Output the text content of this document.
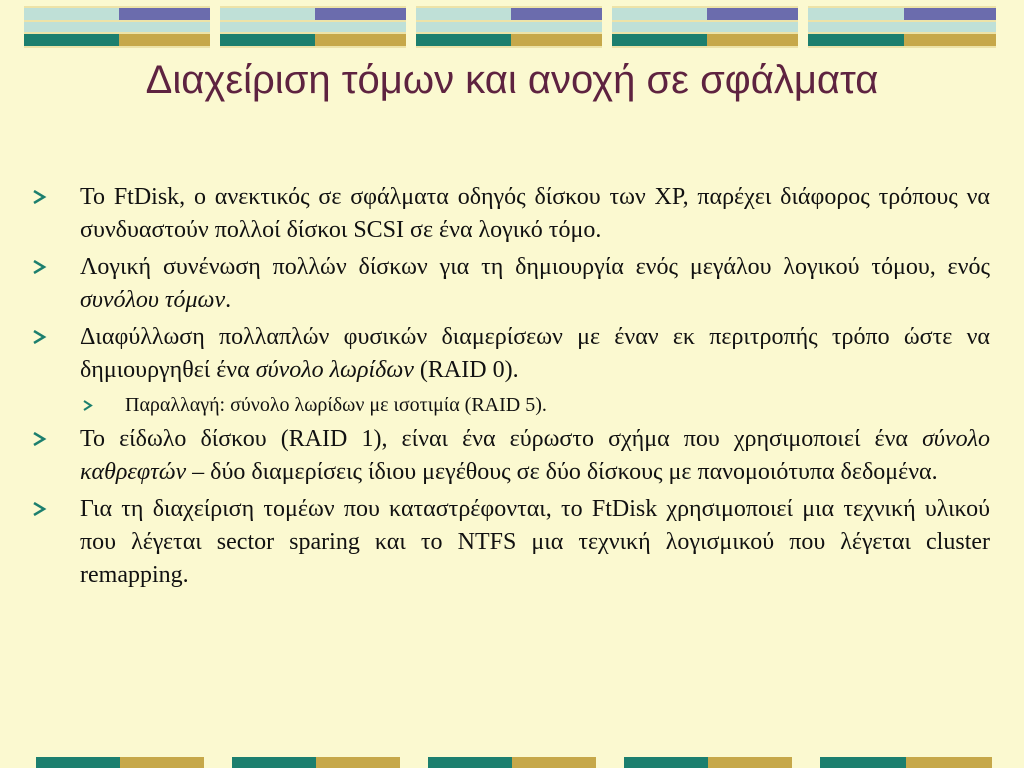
Διαχείριση τόμων και ανοχή σε σφάλματα
Το FtDisk, ο ανεκτικός σε σφάλματα οδηγός δίσκου των XP, παρέχει διάφορος τρόπους να συνδυαστούν πολλοί δίσκοι SCSI σε ένα λογικό τόμο.
Λογική συνένωση πολλών δίσκων για τη δημιουργία ενός μεγάλου λογικού τόμου, ενός συνόλου τόμων.
Διαφύλλωση πολλαπλών φυσικών διαμερίσεων με έναν εκ περιτροπής τρόπο ώστε να δημιουργηθεί ένα σύνολο λωρίδων (RAID 0).
Παραλλαγή: σύνολο λωρίδων με ισοτιμία (RAID 5).
Το είδωλο δίσκου (RAID 1), είναι ένα εύρωστο σχήμα που χρησιμοποιεί ένα σύνολο καθρεφτών – δύο διαμερίσεις ίδιου μεγέθους σε δύο δίσκους με πανομοιότυπα δεδομένα.
Για τη διαχείριση τομέων που καταστρέφονται, το FtDisk χρησιμοποιεί μια τεχνική υλικού που λέγεται sector sparing και το NTFS μια τεχνική λογισμικού που λέγεται cluster remapping.
